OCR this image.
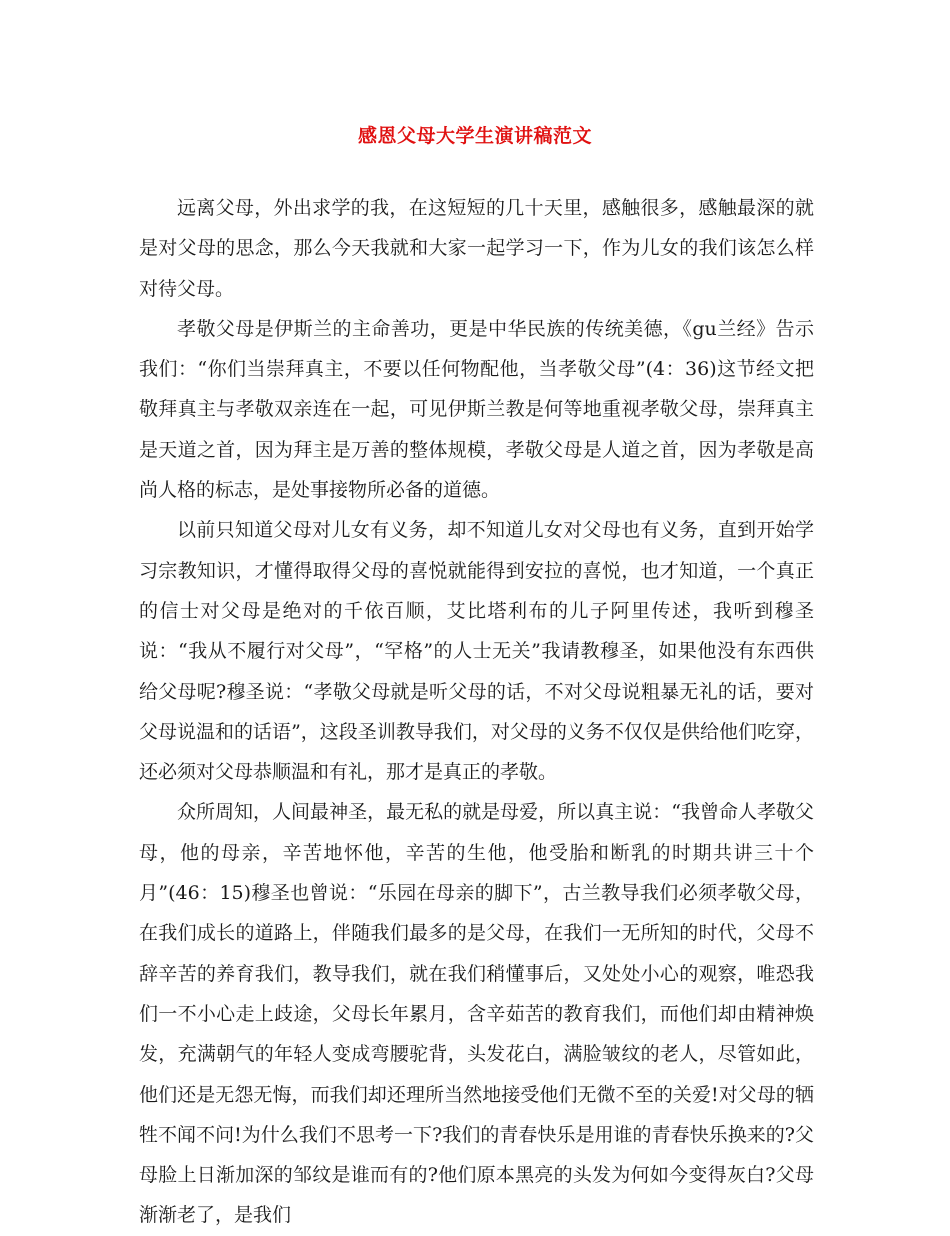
感恩父母大学生演讲稿范文

远离父母，外出求学的我，在这短短的几十天里，感触很多，感触最深的就是对父母的思念，那么今天我就和大家一起学习一下，作为儿女的我们该怎么样对待父母。

孝敬父母是伊斯兰的主命善功，更是中华民族的传统美德，《gu兰经》告示我们：“你们当崇拜真主，不要以任何物配他，当孝敬父母”(4：36)这节经文把敬拜真主与孝敬双亲连在一起，可见伊斯兰教是何等地重视孝敬父母，崇拜真主是天道之首，因为拜主是万善的整体规模，孝敬父母是人道之首，因为孝敬是高尚人格的标志，是处事接物所必备的道德。

以前只知道父母对儿女有义务，却不知道儿女对父母也有义务，直到开始学习宗教知识，才懂得取得父母的喜悦就能得到安拉的喜悦，也才知道，一个真正的信士对父母是绝对的千依百顺，艾比塔利布的儿子阿里传述，我听到穆圣说：“我从不履行对父母”，“罕格”的人士无关”我请教穆圣，如果他没有东西供给父母呢?穆圣说：“孝敬父母就是听父母的话，不对父母说粗暴无礼的话，要对父母说温和的话语”，这段圣训教导我们，对父母的义务不仅仅是供给他们吃穿，还必须对父母恭顺温和有礼，那才是真正的孝敬。

众所周知，人间最神圣，最无私的就是母爱，所以真主说：“我曾命人孝敬父母，他的母亲，辛苦地怀他，辛苦的生他，他受胎和断乳的时期共讲三十个月”(46：15)穆圣也曾说：“乐园在母亲的脚下”，古兰教导我们必须孝敬父母，在我们成长的道路上，伴随我们最多的是父母，在我们一无所知的时代，父母不辞辛苦的养育我们，教导我们，就在我们稍懂事后，又处处小心的观察，唯恐我们一不小心走上歧途，父母长年累月，含辛茹苦的教育我们，而他们却由精神焕发，充满朝气的年轻人变成弯腰驼背，头发花白，满脸皱纹的老人，尽管如此，他们还是无怨无悔，而我们却还理所当然地接受他们无微不至的关爱!对父母的牺牲不闻不问!为什么我们不思考一下?我们的青春快乐是用谁的青春快乐换来的?父母脸上日渐加深的邹纹是谁而有的?他们原本黑亮的头发为何如今变得灰白?父母渐渐老了，是我们
